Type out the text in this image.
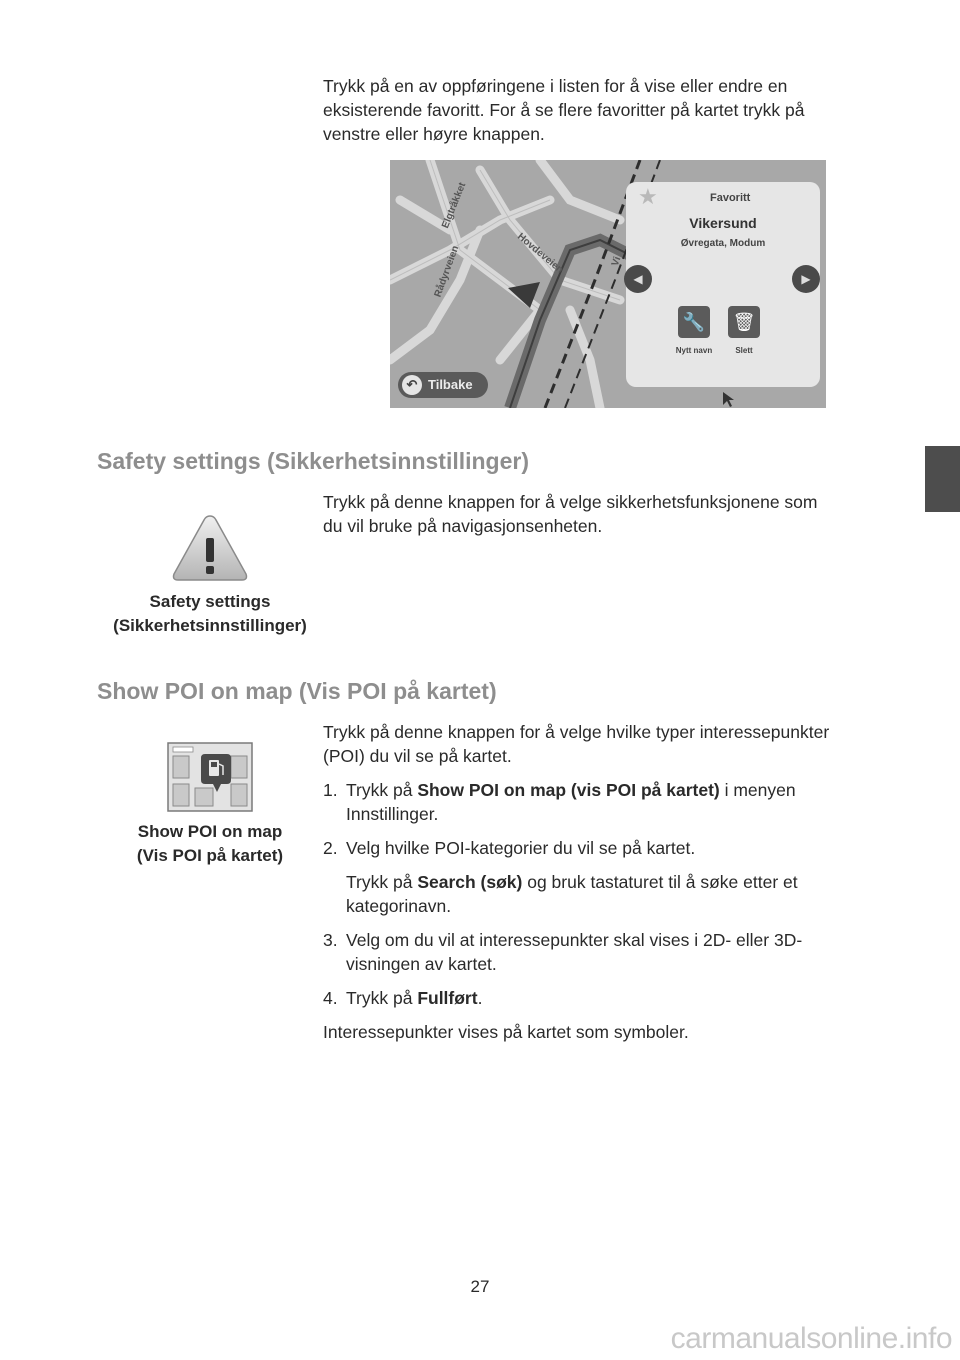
Trykk på en av oppføringene i listen for å vise eller endre en
eksisterende favoritt. For å se flere favoritter på kartet trykk på
venstre eller høyre knappen.

Elgtråkket
Hovdeveien
Rådyrveien	Vi
★	Favoritt
Vikersund
Øvregata, Modum
◀	▶
🔧 🗑
Nytt navn	Slett
↶ Tilbake
Safety settings (Sikkerhetsinnstillinger)

Trykk på denne knappen for å velge sikkerhetsfunksjonene som
du vil bruke på navigasjonsenheten.

Safety settings
(Sikkerhetsinnstillinger)
Show POI on map (Vis POI på kartet)

Trykk på denne knappen for å velge hvilke typer interessepunkter
(POI) du vil se på kartet.

Show POI on map
(Vis POI på kartet)
1. Trykk på Show POI on map (vis POI på kartet) i menyen
Innstillinger.
2. Velg hvilke POI-kategorier du vil se på kartet.
Trykk på Search (søk) og bruk tastaturet til å søke etter et
kategorinavn.
3. Velg om du vil at interessepunkter skal vises i 2D- eller 3D-
visningen av kartet.
4. Trykk på Fullført.
Interessepunkter vises på kartet som symboler.
27
carmanualsonline.info
